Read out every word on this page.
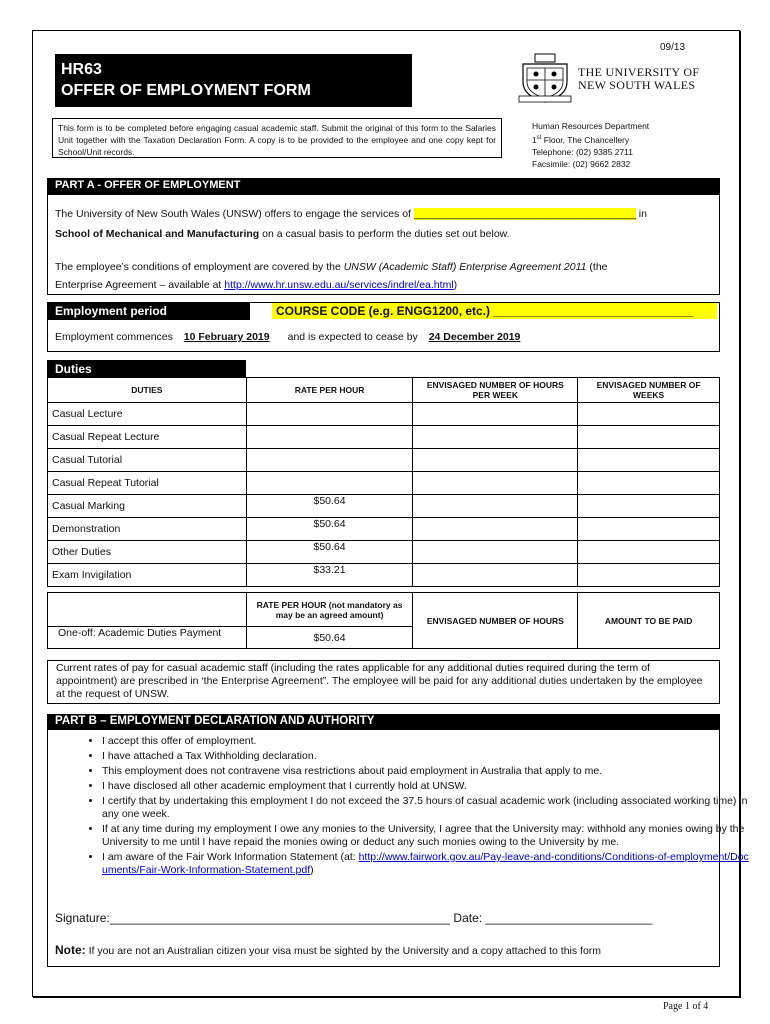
09/13
HR63
OFFER OF EMPLOYMENT FORM
THE UNIVERSITY OF
NEW SOUTH WALES
This form is to be completed before engaging casual academic staff. Submit the original of this form to the Salaries Unit together with the Taxation Declaration Form. A copy is to be provided to the employee and one copy kept for School/Unit records.
Human Resources Department
1st Floor, The Chancellery
Telephone: (02) 9385 2711
Facsimile: (02) 9662 2832
PART A - OFFER OF EMPLOYMENT
The University of New South Wales (UNSW) offers to engage the services of ______________________________________ in
School of Mechanical and Manufacturing on a casual basis to perform the duties set out below.
The employee’s conditions of employment are covered by the UNSW (Academic Staff) Enterprise Agreement 2011 (the
Enterprise Agreement – available at http://www.hr.unsw.edu.au/services/indrel/ea.html)
Employment period	COURSE CODE (e.g. ENGG1200, etc.) ______________________________
Employment commences 10 February 2019 and is expected to cease by 24 December 2019
Duties
DUTIES	RATE PER HOUR	ENVISAGED NUMBER OF HOURS PER WEEK	ENVISAGED NUMBER OF WEEKS
Casual Lecture			
Casual Repeat Lecture			
Casual Tutorial			
Casual Repeat Tutorial			
Casual Marking	$50.64		
Demonstration	$50.64		
Other Duties	$50.64		
Exam Invigilation	$33.21		
	RATE PER HOUR (not mandatory as may be an agreed amount)	ENVISAGED NUMBER OF HOURS	AMOUNT TO BE PAID
One-off: Academic Duties Payment	$50.64		
Current rates of pay for casual academic staff (including the rates applicable for any additional duties required during the term of appointment) are prescribed in ‘the Enterprise Agreement”. The employee will be paid for any additional duties undertaken by the employee at the request of UNSW.
PART B – EMPLOYMENT DECLARATION AND AUTHORITY
• I accept this offer of employment.
• I have attached a Tax Withholding declaration.
• This employment does not contravene visa restrictions about paid employment in Australia that apply to me.
• I have disclosed all other academic employment that I currently hold at UNSW.
• I certify that by undertaking this employment I do not exceed the 37.5 hours of casual academic work (including associated working time) in any one week.
• If at any time during my employment I owe any monies to the University, I agree that the University may: withhold any monies owing by the University to me until I have repaid the monies owing or deduct any such monies owing to the University by me.
• I am aware of the Fair Work Information Statement (at: http://www.fairwork.gov.au/Pay-leave-and-conditions/Conditions-of-employment/Documents/Fair-Work-Information-Statement.pdf)
Signature:___________________________________________________ Date: _________________________
Note: If you are not an Australian citizen your visa must be sighted by the University and a copy attached to this form
Page 1 of 4
